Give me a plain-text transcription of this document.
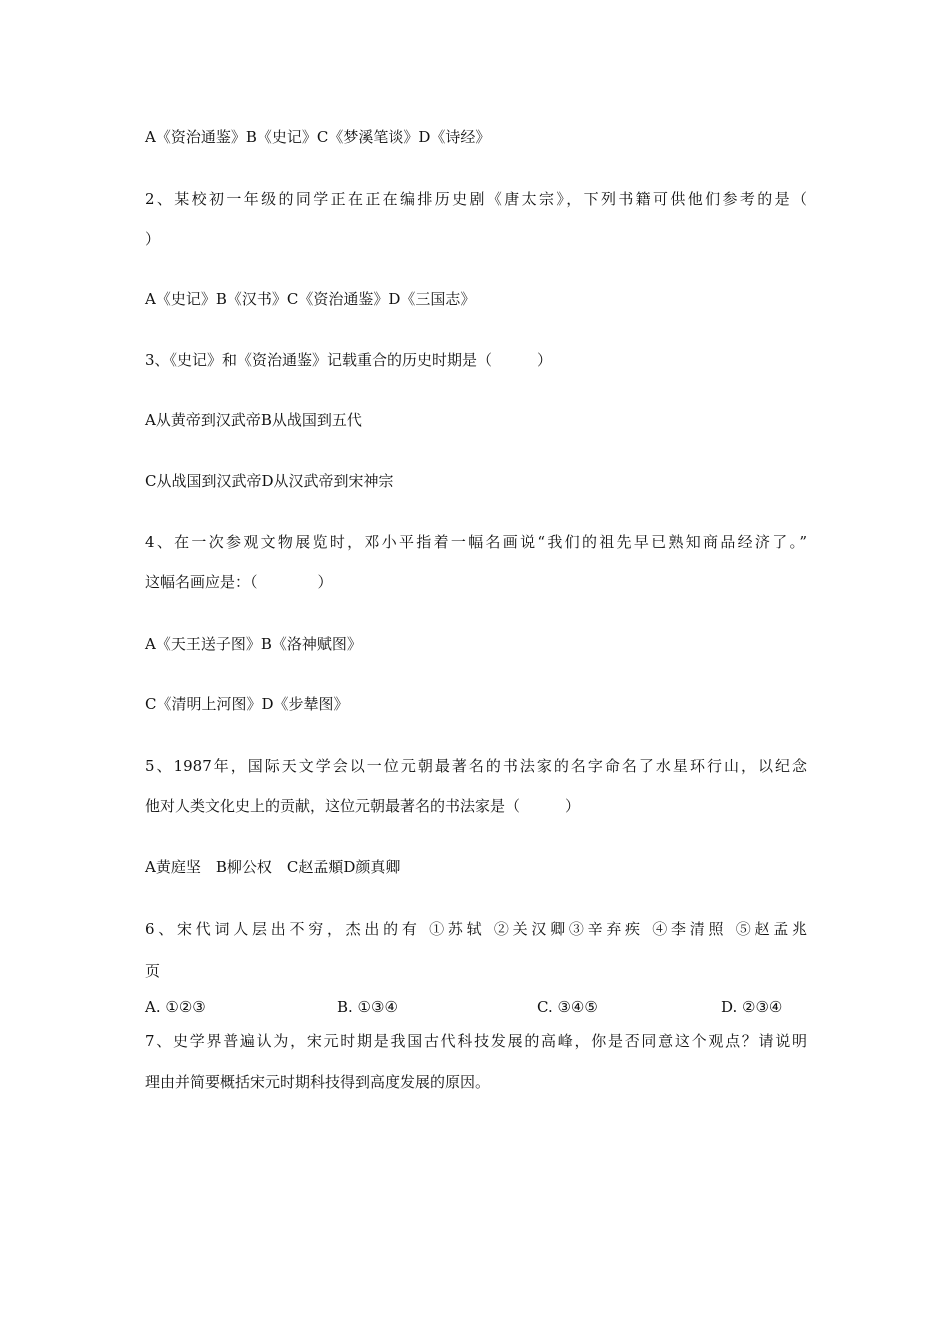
A《资治通鉴》B《史记》C《梦溪笔谈》D《诗经》
2、某校初一年级的同学正在正在编排历史剧《唐太宗》，下列书籍可供他们参考的是（
）
A《史记》B《汉书》C《资治通鉴》D《三国志》
3、《史记》和《资治通鉴》记载重合的历史时期是（　　　）
A从黄帝到汉武帝B从战国到五代
C从战国到汉武帝D从汉武帝到宋神宗
4、在一次参观文物展览时，邓小平指着一幅名画说“我们的祖先早已熟知商品经济了。”
这幅名画应是：（　　　　）
A《天王送子图》B《洛神赋图》
C《清明上河图》D《步辇图》
5、1987年，国际天文学会以一位元朝最著名的书法家的名字命名了水星环行山，以纪念
他对人类文化史上的贡献，这位元朝最著名的书法家是（　　　）
A黄庭坚　B柳公权　C赵孟頫D颜真卿
6、宋代词人层出不穷，杰出的有 ①苏轼 ②关汉卿③辛弃疾 ④李清照 ⑤赵孟兆
页
A. ①②③	B. ①③④	C. ③④⑤	D. ②③④
7、史学界普遍认为，宋元时期是我国古代科技发展的高峰，你是否同意这个观点？请说明
理由并简要概括宋元时期科技得到高度发展的原因。
